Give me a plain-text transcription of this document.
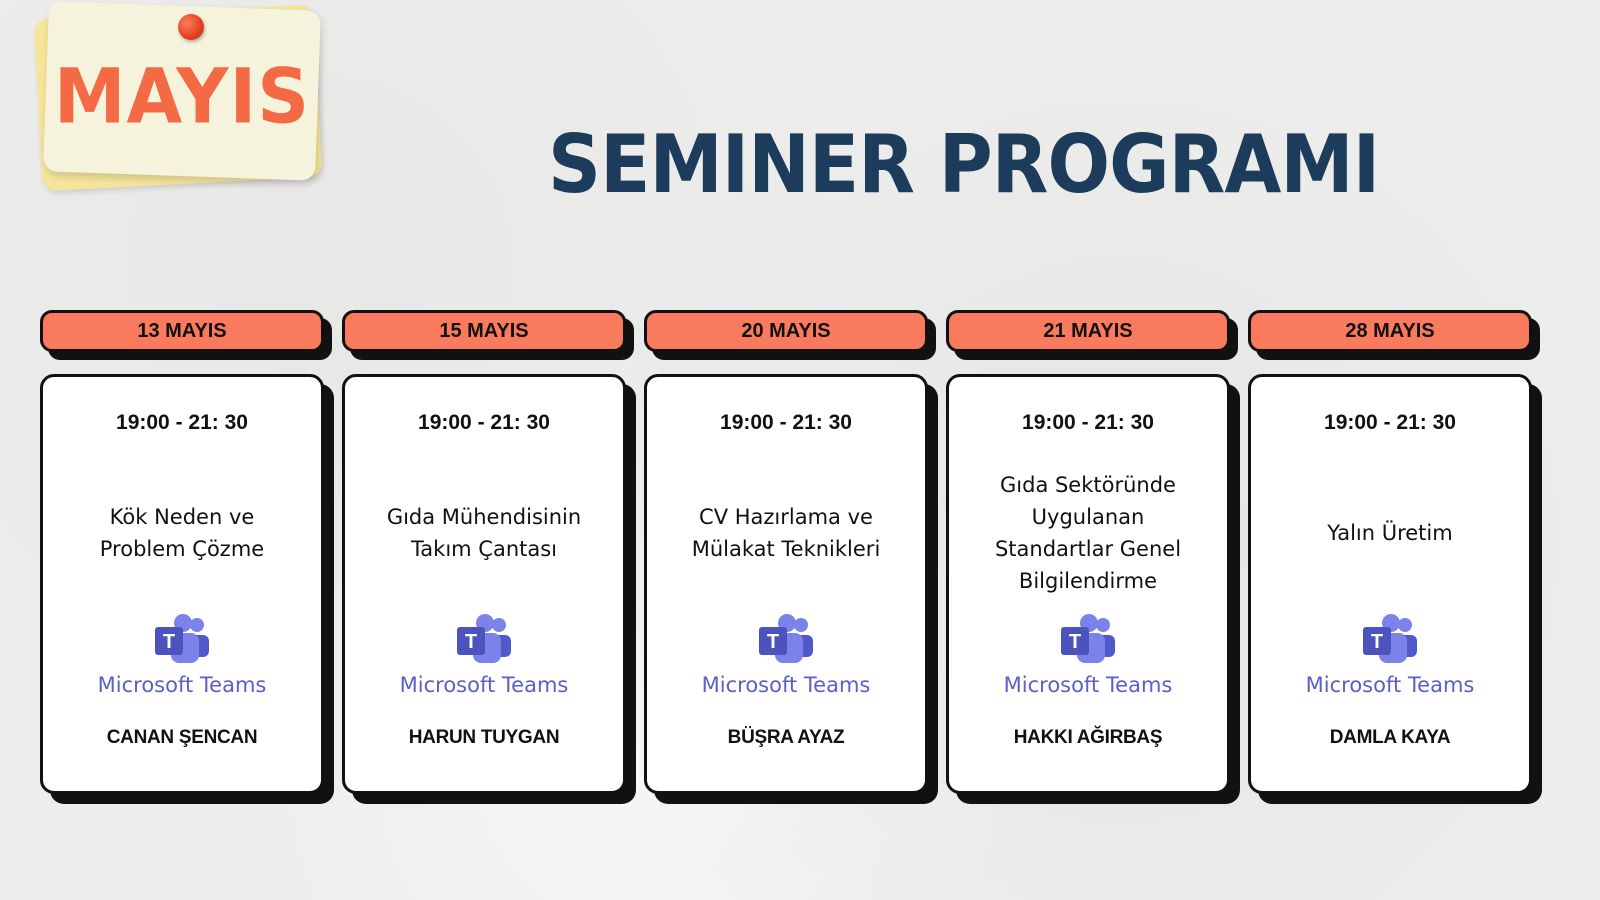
MAYIS
SEMINER PROGRAMI
13 MAYIS
19:00 - 21: 30
Kök Neden ve
Problem Çözme
T
Microsoft Teams
CANAN ŞENCAN
15 MAYIS
19:00 - 21: 30
Gıda Mühendisinin
Takım Çantası
T
Microsoft Teams
HARUN TUYGAN
20 MAYIS
19:00 - 21: 30
CV Hazırlama ve
Mülakat Teknikleri
T
Microsoft Teams
BÜŞRA AYAZ
21 MAYIS
19:00 - 21: 30
Gıda Sektöründe
Uygulanan
Standartlar Genel
Bilgilendirme
T
Microsoft Teams
HAKKI AĞIRBAŞ
28 MAYIS
19:00 - 21: 30
Yalın Üretim
T
Microsoft Teams
DAMLA KAYA
